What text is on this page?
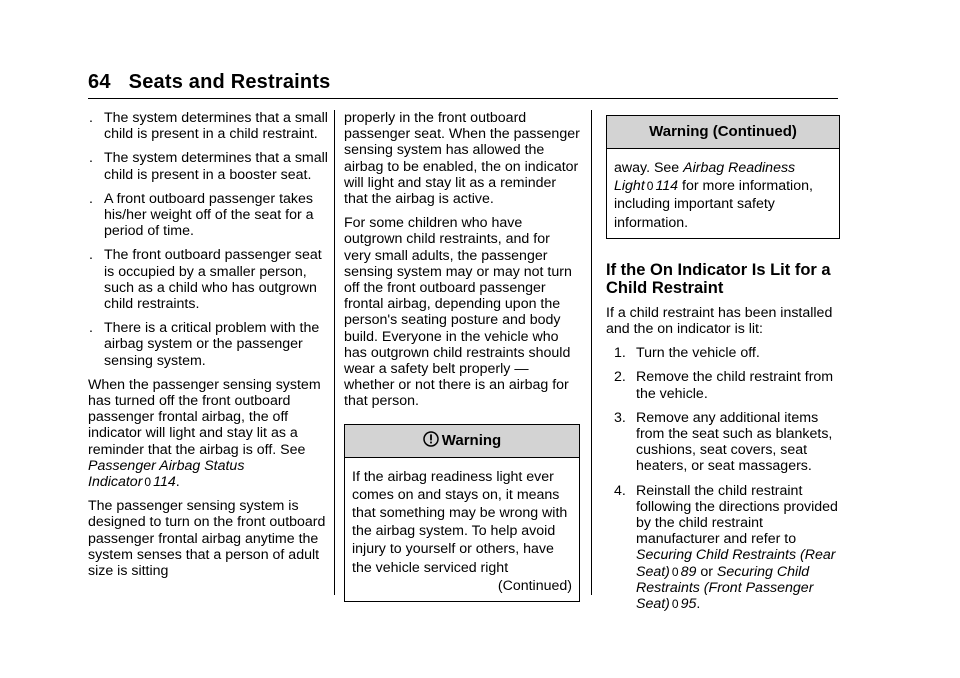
64 Seats and Restraints
. The system determines that a small child is present in a child restraint.
. The system determines that a small child is present in a booster seat.
. A front outboard passenger takes his/her weight off of the seat for a period of time.
. The front outboard passenger seat is occupied by a smaller person, such as a child who has outgrown child restraints.
. There is a critical problem with the airbag system or the passenger sensing system.

When the passenger sensing system has turned off the front outboard passenger frontal airbag, the off indicator will light and stay lit as a reminder that the airbag is off. See Passenger Airbag Status Indicator 0 114.

The passenger sensing system is designed to turn on the front outboard passenger frontal airbag anytime the system senses that a person of adult size is sitting

properly in the front outboard passenger seat. When the passenger sensing system has allowed the airbag to be enabled, the on indicator will light and stay lit as a reminder that the airbag is active.

For some children who have outgrown child restraints, and for very small adults, the passenger sensing system may or may not turn off the front outboard passenger frontal airbag, depending upon the person's seating posture and body build. Everyone in the vehicle who has outgrown child restraints should wear a safety belt properly — whether or not there is an airbag for that person.

Warning
If the airbag readiness light ever comes on and stays on, it means that something may be wrong with the airbag system. To help avoid injury to yourself or others, have the vehicle serviced right
(Continued)
Warning (Continued)
away. See Airbag Readiness Light 0 114 for more information, including important safety information.
If the On Indicator Is Lit for a Child Restraint

If a child restraint has been installed and the on indicator is lit:

1. Turn the vehicle off.
2. Remove the child restraint from the vehicle.
3. Remove any additional items from the seat such as blankets, cushions, seat covers, seat heaters, or seat massagers.
4. Reinstall the child restraint following the directions provided by the child restraint manufacturer and refer to Securing Child Restraints (Rear Seat) 0 89 or Securing Child Restraints (Front Passenger Seat) 0 95.
